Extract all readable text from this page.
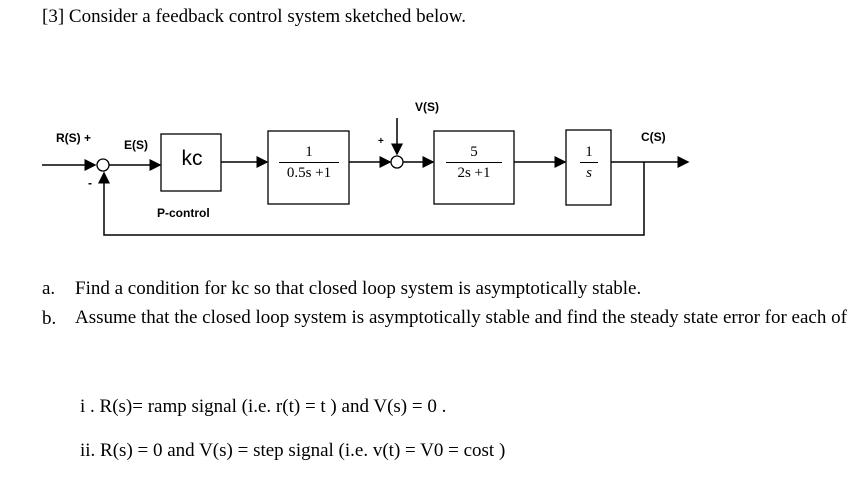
[3] Consider a feedback control system sketched below.
R(S) +
-
E(S)
kc
P-control
1
0.5s +1
V(S)
+
5
2s +1
1
s
C(S)
a. Find a condition for kc so that closed loop system is asymptotically stable.
b. Assume that the closed loop system is asymptotically stable and find the steady state error for each of
i . R(s)= ramp signal (i.e. r(t) = t ) and V(s) = 0 .
ii. R(s) = 0 and V(s) = step signal (i.e. v(t) = V0 = cost )
